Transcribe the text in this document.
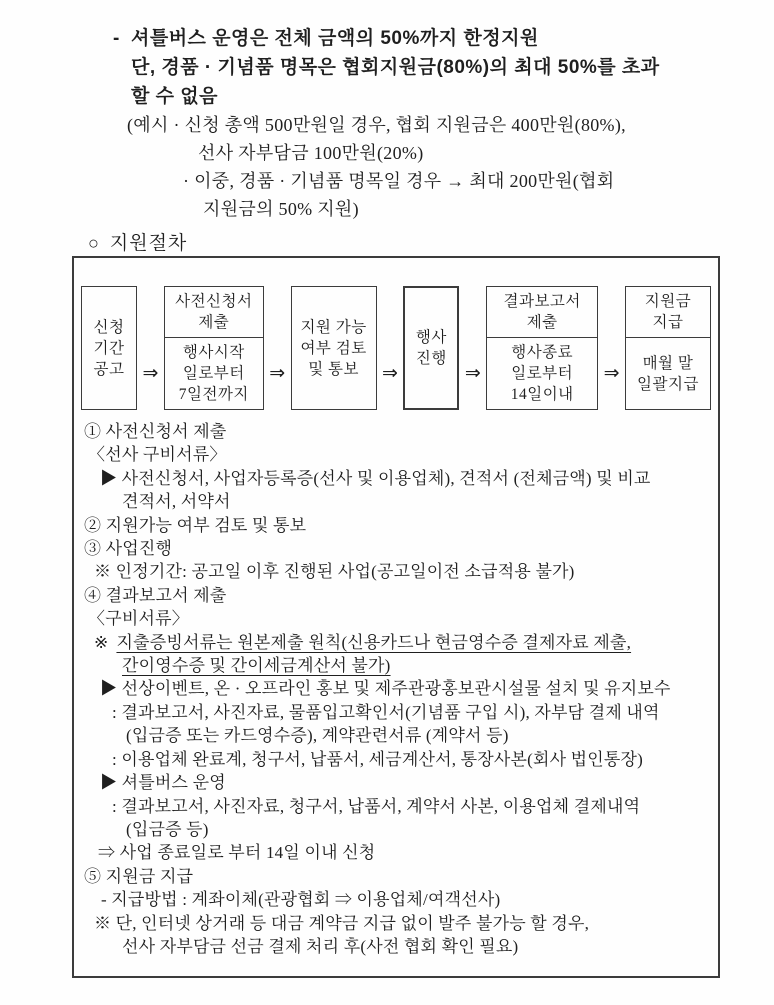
- 셔틀버스 운영은 전체 금액의 50%까지 한정지원
단, 경품 · 기념품 명목은 협회지원금(80%)의 최대 50%를 초과
할 수 없음
(예시 · 신청 총액 500만원일 경우, 협회 지원금은 400만원(80%),
선사 자부담금 100만원(20%)
· 이중, 경품 · 기념품 명목일 경우 → 최대 200만원(협회
지원금의 50% 지원)
○ 지원절차
신청
기간
공고 ⇒
사전신청서
제출
행사시작
일로부터
7일전까지
⇒
지원 가능
여부 검토
및 통보	⇒
행사
진행
⇒
결과보고서
제출
행사종료
일로부터
14일이내
⇒
지원금
지급
매월 말
일괄지급
① 사전신청서 제출
〈선사 구비서류〉
▶ 사전신청서, 사업자등록증(선사 및 이용업체), 견적서 (전체금액) 및 비교
견적서, 서약서
② 지원가능 여부 검토 및 통보
③ 사업진행
※ 인정기간: 공고일 이후 진행된 사업(공고일이전 소급적용 불가)
④ 결과보고서 제출
〈구비서류〉
※ 지출증빙서류는 원본제출 원칙(신용카드나 현금영수증 결제자료 제출,
간이영수증 및 간이세금계산서 불가)
▶ 선상이벤트, 온 · 오프라인 홍보 및 제주관광홍보관시설물 설치 및 유지보수
: 결과보고서, 사진자료, 물품입고확인서(기념품 구입 시), 자부담 결제 내역
(입금증 또는 카드영수증), 계약관련서류 (계약서 등)
: 이용업체 완료계, 청구서, 납품서, 세금계산서, 통장사본(회사 법인통장)
▶ 셔틀버스 운영
: 결과보고서, 사진자료, 청구서, 납품서, 계약서 사본, 이용업체 결제내역
(입금증 등)
⇒ 사업 종료일로 부터 14일 이내 신청
⑤ 지원금 지급
- 지급방법 : 계좌이체(관광협회 ⇒ 이용업체/여객선사)
※ 단, 인터넷 상거래 등 대금 계약금 지급 없이 발주 불가능 할 경우,
선사 자부담금 선금 결제 처리 후(사전 협회 확인 필요)
